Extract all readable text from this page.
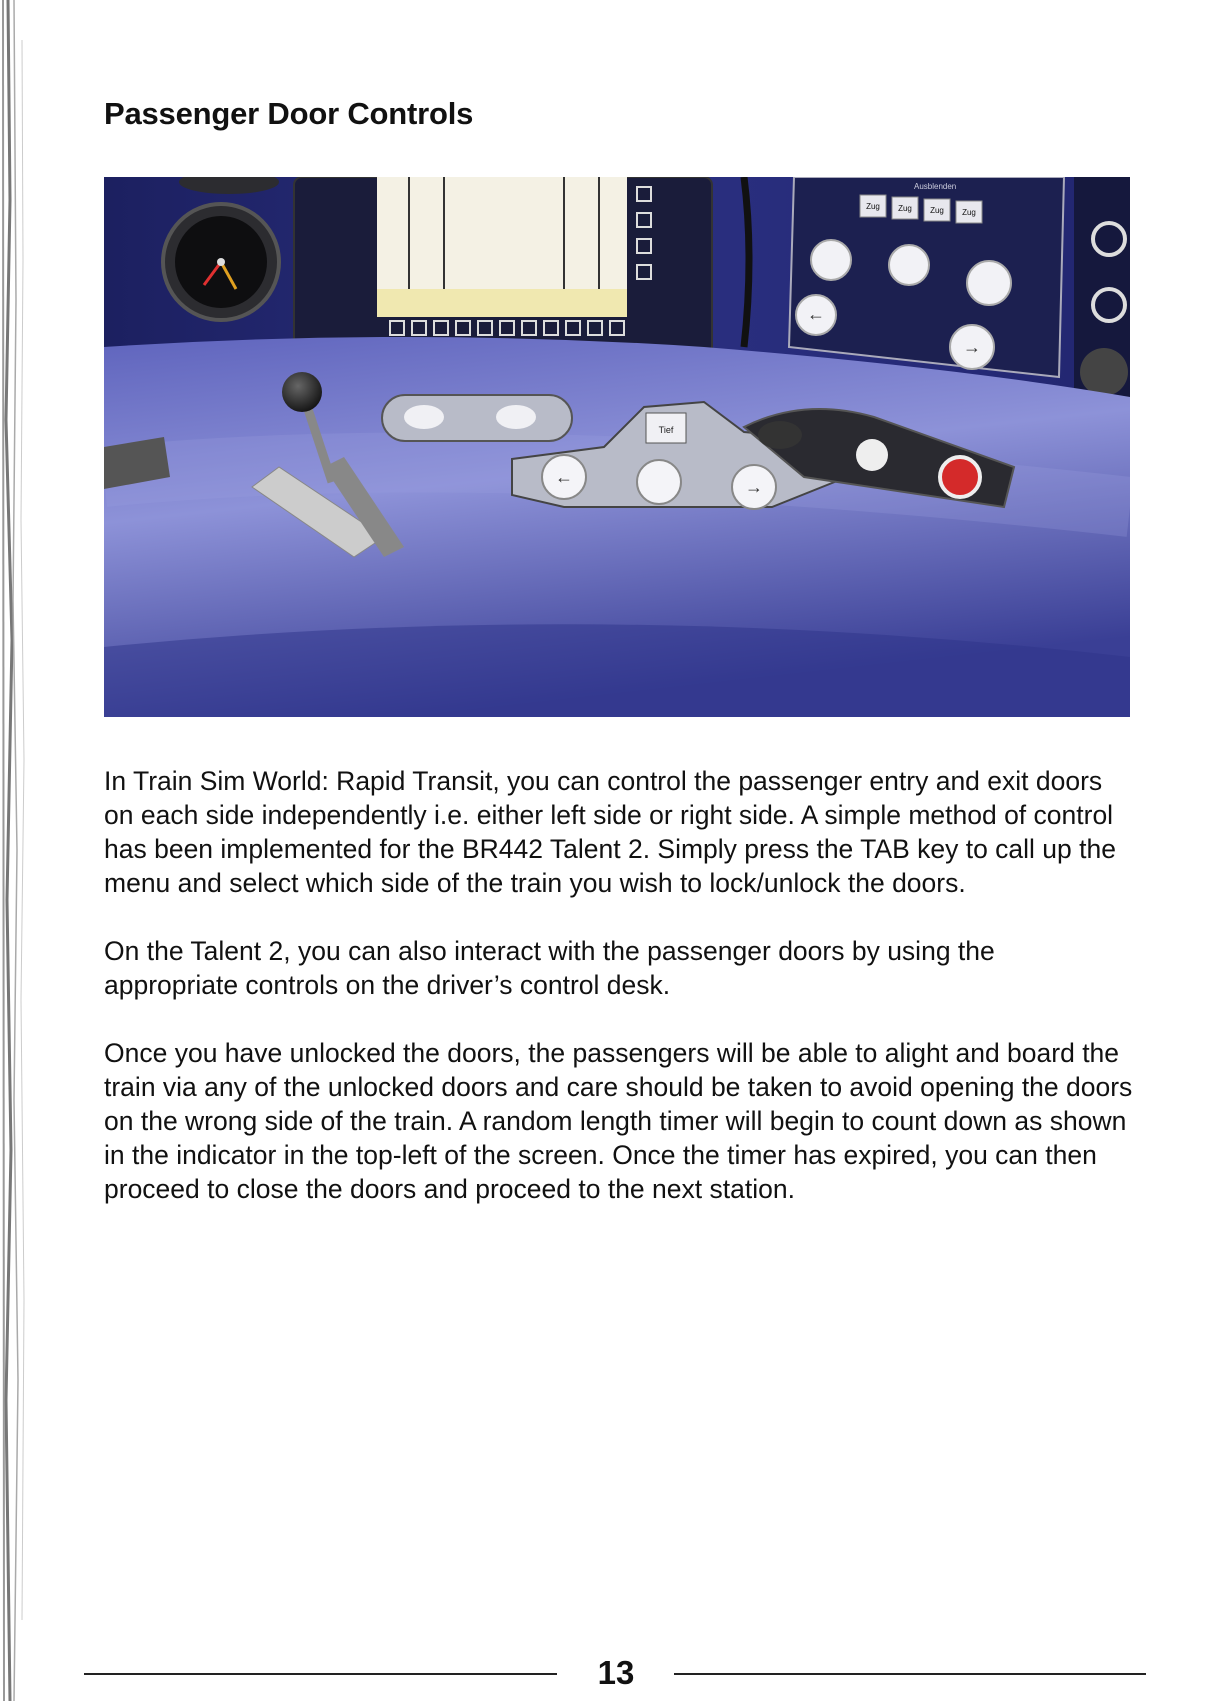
Passenger Door Controls
Ausblenden
Zug Zug Zug Zug
←
→
Tief
←	→

In Train Sim World: Rapid Transit, you can control the passenger entry and exit doors on each side independently i.e. either left side or right side. A simple method of control has been implemented for the BR442 Talent 2. Simply press the TAB key to call up the menu and select which side of the train you wish to lock/unlock the doors.

On the Talent 2, you can also interact with the passenger doors by using the appropriate controls on the driver’s control desk.

Once you have unlocked the doors, the passengers will be able to alight and board the train via any of the unlocked doors and care should be taken to avoid opening the doors on the wrong side of the train. A random length timer will begin to count down as shown in the indicator in the top-left of the screen. Once the timer has expired, you can then proceed to close the doors and proceed to the next station.

13
